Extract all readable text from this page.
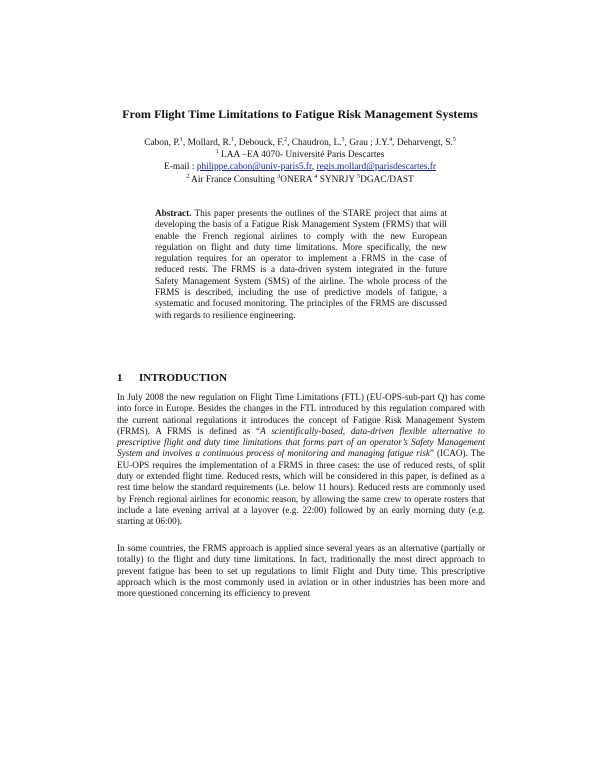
From Flight Time Limitations to Fatigue Risk Management Systems
Cabon, P.$^1$, Mollard, R.$^1$, Debouck, F.$^2$, Chaudron, L.$^3$, Grau ; J.Y.$^4$, Deharvengt, S.$^5$
$^1$ LAA –EA 4070- Université Paris Descartes
E-mail : philippe.cabon@univ-paris5.fr, regis.mollard@parisdescartes.fr
$^2$ Air France Consulting $^3$ONERA $^4$ SYNRJY $^5$DGAC/DAST
Abstract. This paper presents the outlines of the STARE project that aims at developing the basis of a Fatigue Risk Management System (FRMS) that will enable the French regional airlines to comply with the new European regulation on flight and duty time limitations. More specifically, the new regulation requires for an operator to implement a FRMS in the case of reduced rests. The FRMS is a data-driven system integrated in the future Safety Management System (SMS) of the airline. The whole process of the FRMS is described, including the use of predictive models of fatigue, a systematic and focused monitoring. The principles of the FRMS are discussed with regards to resilience engineering.
1 INTRODUCTION
In July 2008 the new regulation on Flight Time Limitations (FTL) (EU-OPS-sub-part Q) has come into force in Europe. Besides the changes in the FTL introduced by this regulation compared with the current national regulations it introduces the concept of Fatigue Risk Management System (FRMS). A FRMS is defined as “A scientifically-based, data-driven flexible alternative to prescriptive flight and duty time limitations that forms part of an operator’s Safety Management System and involves a continuous process of monitoring and managing fatigue risk” (ICAO). The EU-OPS requires the implementation of a FRMS in three cases: the use of reduced rests, of split duty or extended flight time. Reduced rests, which will be considered in this paper, is defined as a rest time below the standard requirements (i.e. below 11 hours). Reduced rests are commonly used by French regional airlines for economic reason, by allowing the same crew to operate rosters that include a late evening arrival at a layover (e.g. 22:00) followed by an early morning duty (e.g. starting at 06:00).
In some countries, the FRMS approach is applied since several years as an alternative (partially or totally) to the flight and duty time limitations. In fact, traditionally the most direct approach to prevent fatigue has been to set up regulations to limit Flight and Duty time. This prescriptive approach which is the most commonly used in aviation or in other industries has been more and more questioned concerning its efficiency to prevent
